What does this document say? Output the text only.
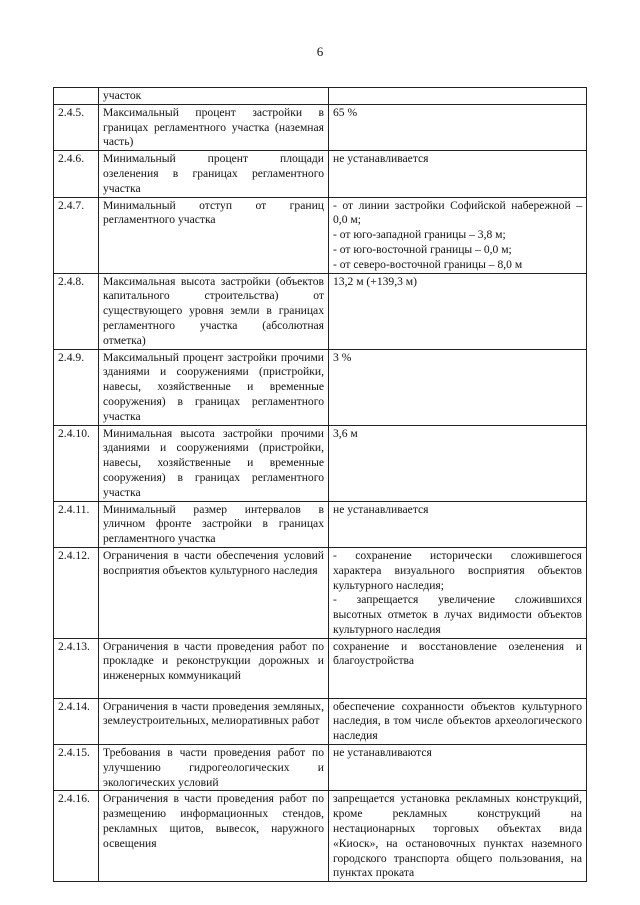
6

	участок	

2.4.5.	Максимальный процент застройки в границах регламентного участка (наземная часть)	65 %

2.4.6.	Минимальный процент площади озеленения в границах регламентного участка	не устанавливается

2.4.7.	Минимальный отступ от границ регламентного участка	- от линии застройки Софийской набережной – 0,0 м;
- от юго-западной границы – 3,8 м;
- от юго-восточной границы – 0,0 м;
- от северо-восточной границы – 8,0 м

2.4.8.	Максимальная высота застройки (объектов капитального строительства) от существующего уровня земли в границах регламентного участка (абсолютная отметка)	13,2 м (+139,3 м)

2.4.9.	Максимальный процент застройки прочими зданиями и сооружениями (пристройки, навесы, хозяйственные и временные сооружения) в границах регламентного участка	3 %

2.4.10.	Минимальная высота застройки прочими зданиями и сооружениями (пристройки, навесы, хозяйственные и временные сооружения) в границах регламентного участка	3,6 м

2.4.11.	Минимальный размер интервалов в уличном фронте застройки в границах регламентного участка	не устанавливается

2.4.12.	Ограничения в части обеспечения условий восприятия объектов культурного наследия	- сохранение исторически сложившегося характера визуального восприятия объектов культурного наследия;
- запрещается увеличение сложившихся высотных отметок в лучах видимости объектов культурного наследия

2.4.13.	Ограничения в части проведения работ по прокладке и реконструкции дорожных и инженерных коммуникаций	сохранение и восстановление озеленения и благоустройства

2.4.14.	Ограничения в части проведения земляных, землеустроительных, мелиоративных работ	обеспечение сохранности объектов культурного наследия, в том числе объектов археологического наследия

2.4.15.	Требования в части проведения работ по улучшению гидрогеологических и экологических условий	не устанавливаются

2.4.16.	Ограничения в части проведения работ по размещению информационных стендов, рекламных щитов, вывесок, наружного освещения	запрещается установка рекламных конструкций, кроме рекламных конструкций на нестационарных торговых объектах вида «Киоск», на остановочных пунктах наземного городского транспорта общего пользования, на пунктах проката
